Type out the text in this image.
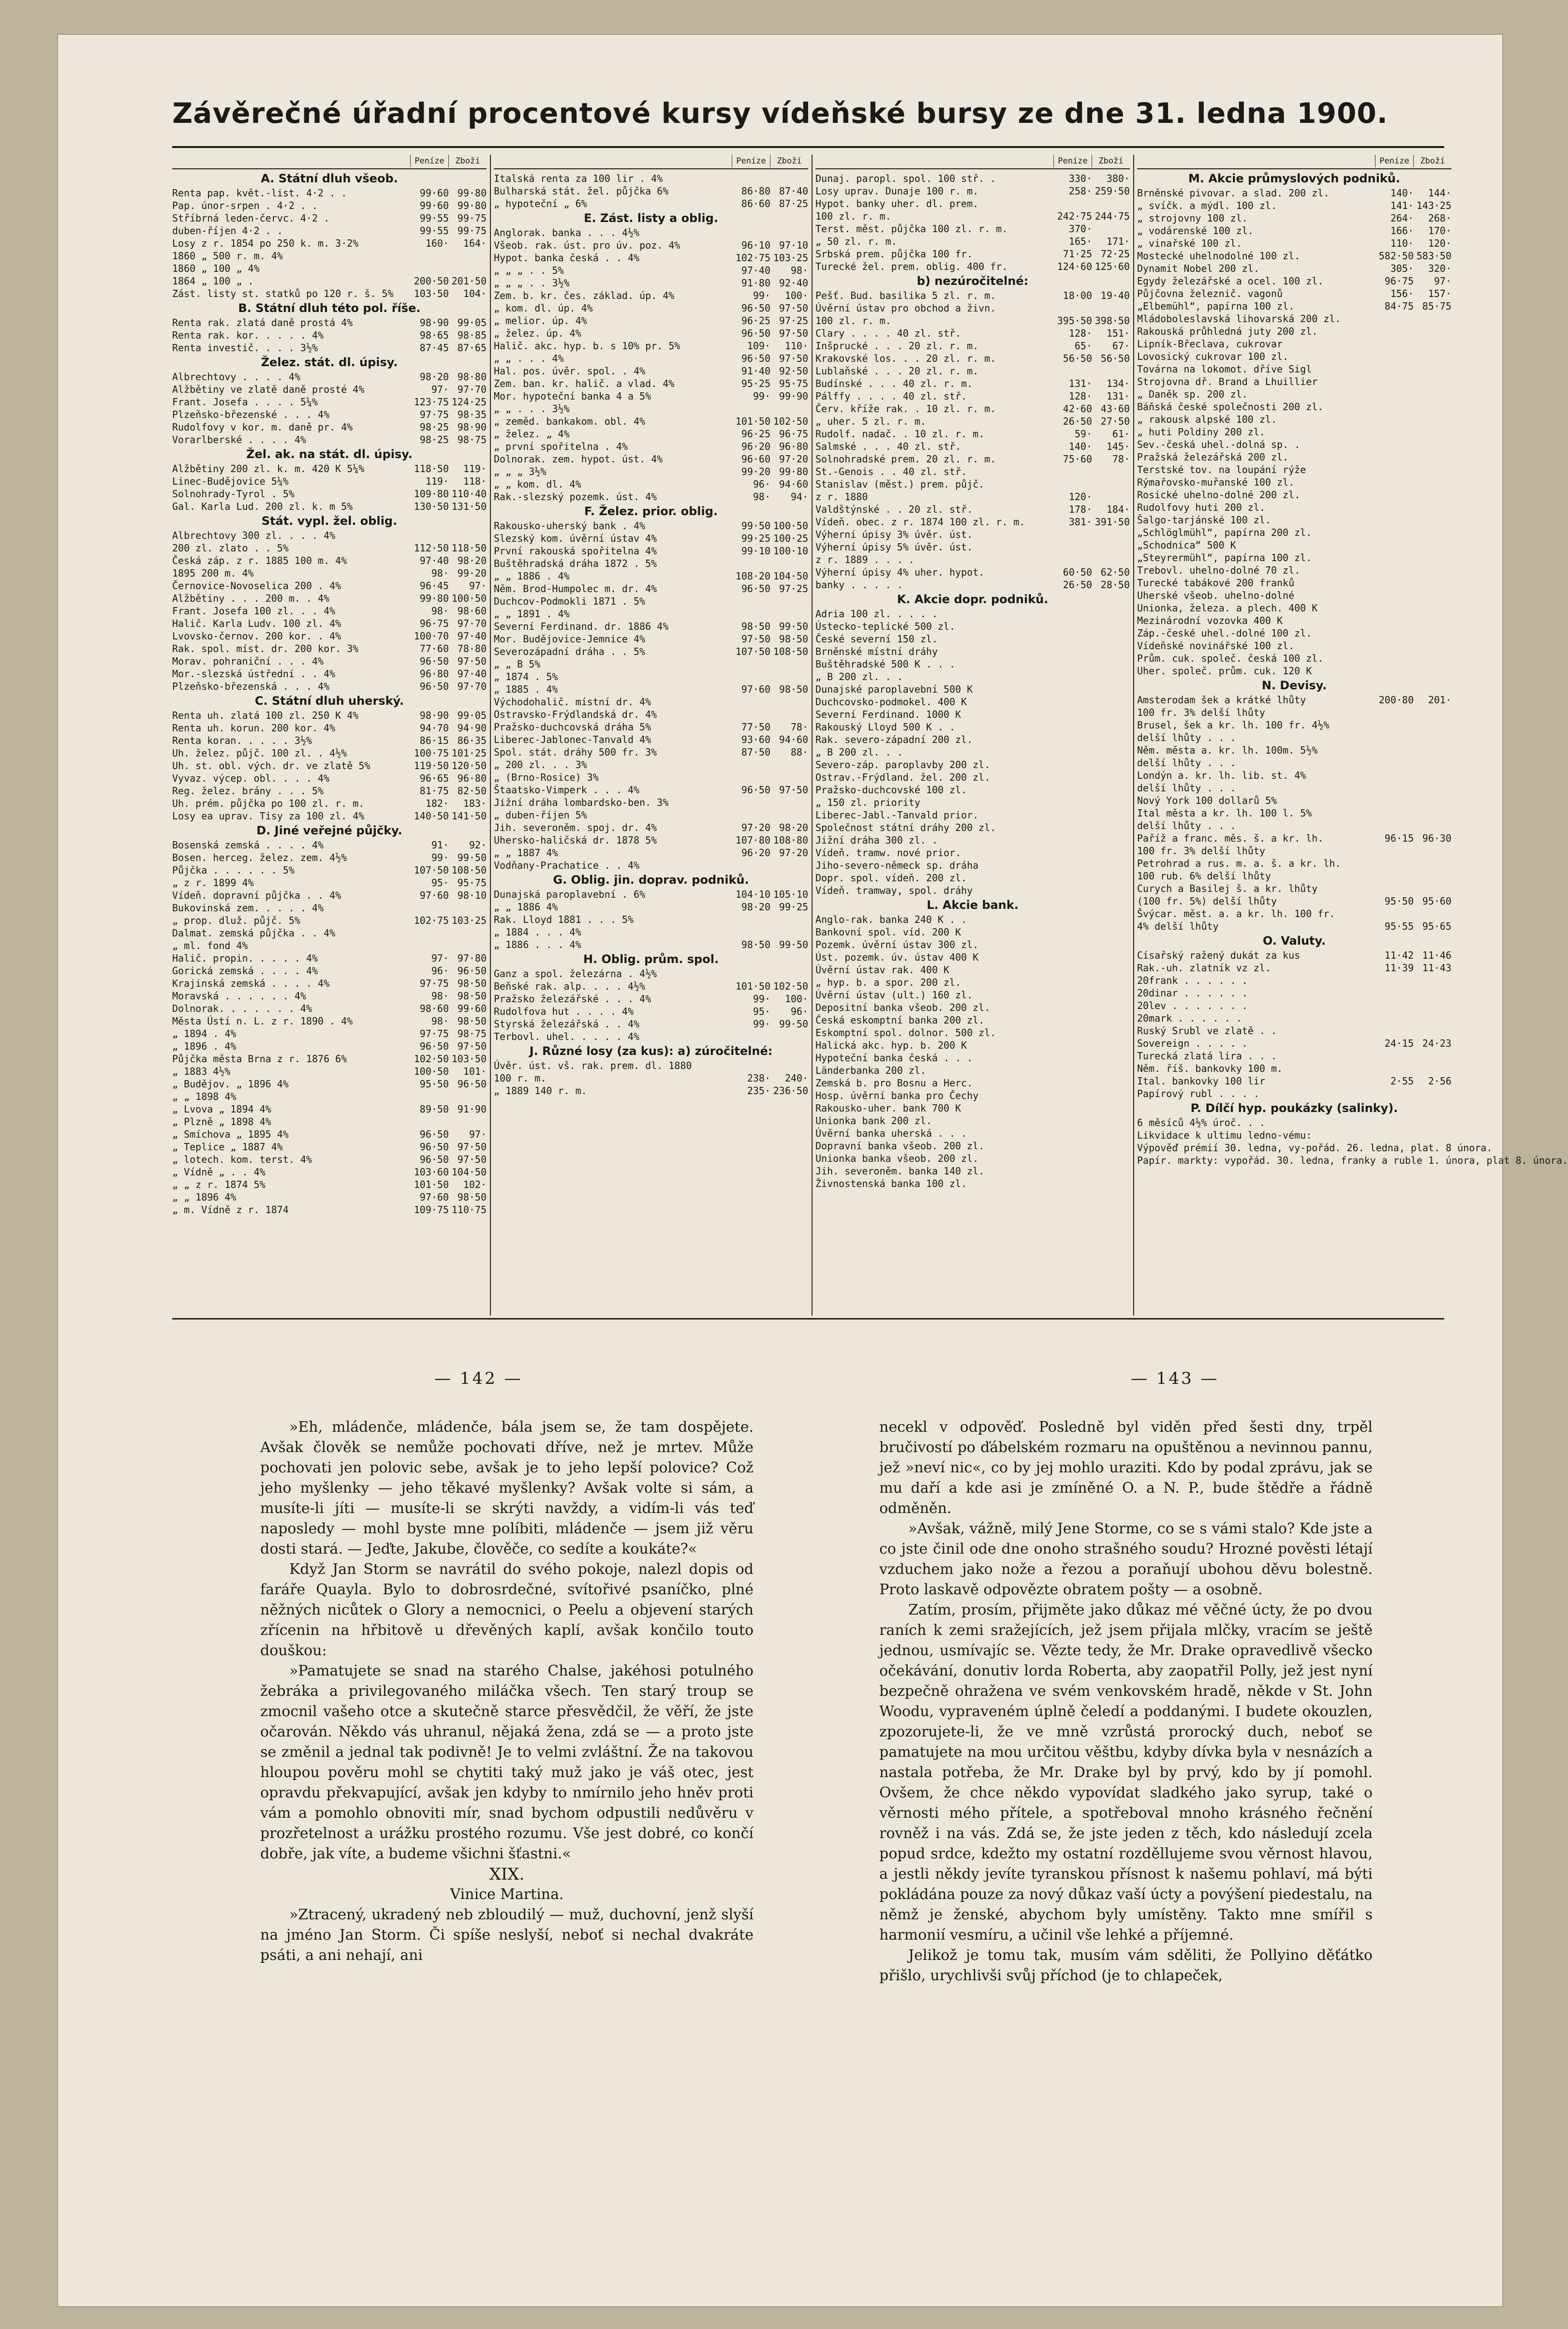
Závěrečné úřadní procentové kursy vídeňské bursy ze dne 31. ledna 1900.
Peníze	Zboží
A. Státní dluh všeob.
Renta pap. květ.-list. 4·2 . .	99·60 99·80
Pap. únor-srpen . 4·2 . .	99·60 99·80
Stříbrná leden-červc. 4·2 .	99·55 99·75
duben-říjen 4·2 . .	99·55 99·75
Losy z r. 1854 po 250 k. m. 3·2%	160·	164·
1860 „ 500 r. m. 4%
1860 „ 100 „ 4%
1864 „ 100 „ .	200·50 201·50
Zást. listy st. statků po 120 r. š. 5%	103·50	104·
B. Státní dluh této pol. říše.
Renta rak. zlatá daně prostá 4%	98·90 99·05
Renta rak. kor. . . . . 4%	98·65 98·85
Renta investič. . . . 3½%	87·45 87·65
Želez. stát. dl. úpisy.
Albrechtovy . . . . 4%	98·20 98·80
Alžbětiny ve zlatě daně prosté 4%	97· 97·70
Frant. Josefa . . . . 5¼%	123·75 124·25
Plzeňsko-březenské . . . 4%	97·75 98·35
Rudolfovy v kor. m. daně pr. 4%	98·25 98·90
Vorarlberské . . . . 4%	98·25 98·75
Žel. ak. na stát. dl. úpisy.
Alžbětiny 200 zl. k. m. 420 K 5¼%	118·50	119·
Linec-Budějovice 5¼%	119·	118·
Solnohrady-Tyrol . 5%	109·80 110·40
Gal. Karla Lud. 200 zl. k. m 5%	130·50 131·50
Stát. vypl. žel. oblig.
Albrechtovy 300 zl. . . . 4%
200 zl. zlato . . 5%	112·50 118·50
Česká záp. z r. 1885 100 m. 4%	97·40 98·20
1895 200 m. 4%	98· 99·20
Černovice-Novoselica 200 . 4%	96·45	97·
Alžbětiny . . . 200 m. . 4%	99·80 100·50
Frant. Josefa 100 zl. . . 4%	98· 98·60
Halič. Karla Ludv. 100 zl. 4%	96·75 97·70
Lvovsko-černov. 200 kor. . 4%	100·70 97·40
Rak. spol. míst. dr. 200 kor. 3%	77·60 78·80
Morav. pohraniční . . . 4%	96·50 97·50
Mor.-slezská ústřední . . 4%	96·80 97·40
Plzeňsko-březenská . . . 4%	96·50 97·70
C. Státní dluh uherský.
Renta uh. zlatá 100 zl. 250 K 4%	98·90 99·05
Renta uh. korun. 200 kor. 4%	94·70 94·90
Renta koran. . . . . 3½%	86·15 86·35
Uh. želez. půjč. 100 zl. . 4½%	100·75 101·25
Uh. st. obl. vých. dr. ve zlatě 5%	119·50 120·50
Vyvaz. výcep. obl. . . . 4%	96·65 96·80
Reg. želez. brány . . . 5%	81·75 82·50
Uh. prém. půjčka po 100 zl. r. m.	182·	183·
Losy ea uprav. Tisy za 100 zl. 4%	140·50 141·50
D. Jiné veřejné půjčky.
Bosenská zemská . . . . 4%	91·	92·
Bosen. herceg. želez. zem. 4½%	99· 99·50
Půjčka . . . . . . 5%	107·50 108·50
„ z r. 1899 4%	95· 95·75
Vídeň. dopravní půjčka . . 4%	97·60 98·10
Bukovinská zem. . . . . 4%
„ prop. dluž. půjč. 5%	102·75 103·25
Dalmat. zemská půjčka . . 4%
„ ml. fond 4%
Halič. propin. . . . . 4%	97· 97·80
Gorická zemská . . . . 4%	96· 96·50
Krajinská zemská . . . . 4%	97·75 98·50
Moravská . . . . . . 4%	98· 98·50
Dolnorak. . . . . . . 4%	98·60 99·60
Města Ústí n. L. z r. 1890 . 4%	98· 98·50
„ 1894 . 4%	97·75 98·75
„ 1896 . 4%	96·50 97·50
Půjčka města Brna z r. 1876 6%	102·50 103·50
„ 1883 4½%	100·50	101·
„ Budějov. „ 1896 4%	95·50 96·50
„ „ 1898 4%
„ Lvova „ 1894 4%	89·50 91·90
„ Plzně „ 1898 4%
„ Smíchova „ 1895 4%	96·50	97·
„ Teplice „ 1887 4%	96·50 97·50
„ lotech. kom. terst. 4%	96·50 97·50
„ Vídně „ . . 4%	103·60 104·50
„ „ z r. 1874 5%	101·50	102·
„ „ 1896 4%	97·60 98·50
„ m. Vídně z r. 1874	109·75 110·75
Peníze	Zboží
Italská renta za 100 lir . 4%
Bulharská stát. žel. půjčka 6%	86·80 87·40
„ hypoteční „ 6%	86·60 87·25
E. Zást. listy a oblig.
Anglorak. banka . . . 4½%
Všeob. rak. úst. pro úv. poz. 4%	96·10 97·10
Hypot. banka česká . . 4%	102·75 103·25
„ „ „ . . 5%	97·40	98·
„ „ „ . . 3½%	91·80 92·40
Zem. b. kr. čes. základ. úp. 4%	99·	100·
„ kom. dl. úp. 4%	96·50 97·50
„ melior. úp. 4%	96·25 97·25
„ želez. úp. 4%	96·50 97·50
Halič. akc. hyp. b. s 10% pr. 5%	109·	110·
„ „ . . . 4%	96·50 97·50
Hal. pos. úvěr. spol. . 4%	91·40 92·50
Zem. ban. kr. halič. a vlad. 4%	95·25 95·75
Mor. hypoteční banka 4 a 5%	99· 99·90
„ „ . . . 3½%
„ zeměd. bankakom. obl. 4%	101·50 102·50
„ želez. „ 4%	96·25 96·75
„ první spořitelna . 4%	96·20 96·80
Dolnorak. zem. hypot. úst. 4%	96·60 97·20
„ „ „ 3½%	99·20 99·80
„ „ kom. dl. 4%	96· 94·60
Rak.-slezský pozemk. úst. 4%	98·	94·
F. Želez. prior. oblig.
Rakousko-uherský bank . 4%	99·50 100·50
Slezský kom. úvěrní ústav 4%	99·25 100·25
První rakouská spořitelna 4%	99·10 100·10
Buštěhradská dráha 1872 . 5%
„ „ 1886 . 4%	108·20 104·50
Něm. Brod-Humpolec m. dr. 4%	96·50 97·25
Duchcov-Podmokli 1871 . 5%
„ „ 1891 . 4%
Severní Ferdinand. dr. 1886 4%	98·50 99·50
Mor. Budějovice-Jemnice 4%	97·50 98·50
Severozápadní dráha . . 5%	107·50 108·50
„ „ B 5%
„ 1874 . 5%
„ 1885 . 4%	97·60 98·50
Východohalič. místní dr. 4%
Ostravsko-Frýdlandská dr. 4%
Pražsko-duchcovská dráha 5%	77·50	78·
Liberec-Jablonec-Tanvald 4%	93·60 94·60
Spol. stát. dráhy 500 fr. 3%	87·50	88·
„ 200 zl. . . 3%
„ (Brno-Rosice) 3%
Štaatsko-Vimperk . . . 4%	96·50 97·50
Jižní dráha lombardsko-ben. 3%
„ duben-říjen 5%
Jih. severoněm. spoj. dr. 4%	97·20 98·20
Uhersko-haličská dr. 1878 5%	107·80 108·80
„ „ 1887 4%	96·20 97·20
Vodňany-Prachatice . . 4%
G. Oblig. jin. doprav. podniků.
Dunajská paroplavební . 6%	104·10 105·10
„ „ 1886 4%	98·20 99·25
Rak. Lloyd 1881 . . . 5%
„ 1884 . . . 4%
„ 1886 . . . 4%	98·50 99·50
H. Oblig. prům. spol.
Ganz a spol. železárna . 4½%
Beňské rak. alp. . . . 4½%	101·50 102·50
Pražsko železářské . . . 4%	99·	100·
Rudolfova hut . . . . 4%	95·	96·
Styrská železářská . . 4%	99· 99·50
Terbovl. uhel. . . . . 4%
J. Různé losy (za kus): a) zúročitelné:
Úvěr. úst. vš. rak. prem. dl. 1880
100 r. m.	238·	240·
„ 1889 140 r. m.	235· 236·50
Peníze	Zboží
Dunaj. paropl. spol. 100 stř. .	330·	380·
Losy uprav. Dunaje 100 r. m.	258· 259·50
Hypot. banky uher. dl. prem.
100 zl. r. m.	242·75 244·75
Terst. měst. půjčka 100 zl. r. m.	370·
„ 50 zl. r. m.	165·	171·
Srbská prem. půjčka 100 fr.	71·25 72·25
Turecké žel. prem. oblig. 400 fr.	124·60 125·60
b) nezúročitelné:
Pešť. Bud. basilika 5 zl. r. m.	18·00 19·40
Úvěrní ústav pro obchod a živn.
100 zl. r. m.	395·50 398·50
Clary . . . . 40 zl. stř.	128·	151·
Inšprucké . . . 20 zl. r. m.	65·	67·
Krakovské los. . . 20 zl. r. m.	56·50 56·50
Lublaňské . . . 20 zl. r. m.
Budínské . . . 40 zl. r. m.	131·	134·
Pálffy . . . . 40 zl. stř.	128·	131·
Červ. kříže rak. . 10 zl. r. m.	42·60 43·60
„ uher. 5 zl. r. m.	26·50 27·50
Rudolf. nadač. . 10 zl. r. m.	59·	61·
Salmské . . . 40 zl. stř.	140·	145·
Solnohradské prem. 20 zl. r. m.	75·60	78·
St.-Genois . . 40 zl. stř.
Stanislav (měst.) prem. půjč.
z r. 1880	120·
Valdštýnské . . 20 zl. stř.	178·	184·
Vídeň. obec. z r. 1874 100 zl. r. m.	381· 391·50
Výherní úpisy 3% úvěr. úst.
Výherní úpisy 5% úvěr. úst.
z r. 1889 . . . .
Výherní úpisy 4% uher. hypot.	60·50 62·50
banky . . . . .	26·50 28·50
K. Akcie dopr. podniků.
Adria 100 zl. . . . .
Ústecko-teplické 500 zl.
České severní 150 zl.
Brněnské místní dráhy
Buštěhradské 500 K . . .
„ B 200 zl. . .
Dunajské paroplavební 500 K
Duchcovsko-podmokel. 400 K
Severní Ferdinand. 1000 K
Rakouský Lloyd 500 K . .
Rak. severo-západní 200 zl.
„ B 200 zl. . .
Severo-záp. paroplavby 200 zl.
Ostrav.-Frýdland. žel. 200 zl.
Pražsko-duchcovské 100 zl.
„ 150 zl. priority
Liberec-Jabl.-Tanvald prior.
Společnost státní dráhy 200 zl.
Jižní dráha 300 zl. .
Vídeň. tramw. nové prior.
Jiho-severo-německ sp. dráha
Dopr. spol. vídeň. 200 zl.
Vídeň. tramway, spol. dráhy
L. Akcie bank.
Anglo-rak. banka 240 K . .
Bankovní spol. víd. 200 K
Pozemk. úvěrní ústav 300 zl.
Úst. pozemk. úv. ústav 400 K
Úvěrní ústav rak. 400 K
„ hyp. b. a spor. 200 zl.
Úvěrní ústav (ult.) 160 zl.
Depositní banka všeob. 200 zl.
Česká eskomptní banka 200 zl.
Eskomptní spol. dolnor. 500 zl.
Halická akc. hyp. b. 200 K
Hypoteční banka česká . . .
Länderbanka 200 zl.
Zemská b. pro Bosnu a Herc.
Hosp. úvěrní banka pro Čechy
Rakousko-uher. bank 700 K
Unionka bank 200 zl.
Úvěrní banka uherská . . .
Dopravní banka všeob. 200 zl.
Unionka banka všeob. 200 zl.
Jih. severoněm. banka 140 zl.
Živnostenská banka 100 zl.
Peníze	Zboží
M. Akcie průmyslových podniků.
Brněnské pivovar. a slad. 200 zl.	140·	144·
„ svíčk. a mýdl. 100 zl.	141· 143·25
„ strojovny 100 zl.	264·	268·
„ vodárenské 100 zl.	166·	170·
„ vinařské 100 zl.	110·	120·
Mostecké uhelnodolné 100 zl.	582·50 583·50
Dynamit Nobel 200 zl.	305·	320·
Egydy železářské a ocel. 100 zl.	96·75	97·
Půjčovna železnič. vagonů	156·	157·
„Elbemühl“, papírna 100 zl.	84·75 85·75
Mládoboleslavská lihovarská 200 zl.
Rakouská průhledná juty 200 zl.
Lipník-Břeclava, cukrovar
Lovosický cukrovar 100 zl.
Továrna na lokomot. dříve Sigl
Strojovna dř. Brand a Lhuillier
„ Daněk sp. 200 zl.
Báňská české společnosti 200 zl.
„ rakousk alpské 100 zl.
„ huti Poldiny 200 zl.
Sev.-česká uhel.-dolná sp. .
Pražská železářská 200 zl.
Terstské tov. na loupání rýže
Rýmařovsko-muřanské 100 zl.
Rosické uhelno-dolné 200 zl.
Rudolfovy huti 200 zl.
Šalgo-tarjánské 100 zl.
„Schlöglmühl“, papírna 200 zl.
„Schodnica“ 500 K
„Steyrermühl“, papírna 100 zl.
Trebovl. uhelno-dolné 70 zl.
Turecké tabákové 200 franků
Uherské všeob. uhelno-dolné
Unionka, železa. a plech. 400 K
Mezinárodní vozovka 400 K
Záp.-české uhel.-dolné 100 zl.
Vídeňské novinářské 100 zl.
Prům. cuk. společ. česká 100 zl.
Uher. společ. prům. cuk. 120 K
N. Devisy.
Amsterodam šek a krátké lhůty	200·80	201·
100 fr. 3% delší lhůty
Brusel, šek a kr. lh. 100 fr. 4½%
delší lhůty . . .
Něm. města a. kr. lh. 100m. 5½%
delší lhůty . . .
Londýn a. kr. lh. lib. st. 4%
delší lhůty . . .
Nový York 100 dollarů 5%
Ital města a kr. lh. 100 l. 5%
delší lhůty . . .
Paříž a franc. měs. š. a kr. lh.	96·15 96·30
100 fr. 3% delší lhůty
Petrohrad a rus. m. a. š. a kr. lh.
100 rub. 6% delší lhůty
Curych a Basilej š. a kr. lhůty
(100 fr. 5%) delší lhůty	95·50 95·60
Švýcar. měst. a. a kr. lh. 100 fr.
4% delší lhůty	95·55 95·65
O. Valuty.
Císařský ražený dukát za kus	11·42 11·46
Rak.-uh. zlatník vz zl.	11·39 11·43
20frank . . . . . .
20dinar . . . . . .
20lev . . . . . . .
20mark . . . . . .
Ruský Srubl ve zlatě . .
Sovereign . . . . .	24·15 24·23
Turecká zlatá lira . . .
Něm. říš. bankovky 100 m.
Ital. bankovky 100 lir	2·55	2·56
Papírový rubl . . . .
P. Dílčí hyp. poukázky (salinky).
6 měsíců 4½% úroč. . .
Likvidace k ultimu ledno-vému:
Výpověď prémií 30. ledna, vy-pořád. 26. ledna, plat. 8 února.
Papír. markty: vypořád. 30. ledna, franky a ruble 1. února, plat 8. února.
— 142 —	— 143 —

»Eh, mládenče, mládenče, bála jsem se, že tam dospějete. Avšak člověk se nemůže pochovati dříve, než je mrtev. Může pochovati jen polovic sebe, avšak je to jeho lepší polovice? Což jeho myšlenky — jeho těkavé myšlenky? Avšak volte si sám, a musíte-li jíti — musíte-li se skrýti navždy, a vidím-li vás teď naposledy — mohl byste mne políbiti, mládenče — jsem již věru dosti stará. — Jeďte, Jakube, člověče, co sedíte a koukáte?«

Když Jan Storm se navrátil do svého pokoje, nalezl dopis od faráře Quayla. Bylo to dobrosrdečné, svítořivé psaníčko, plné něžných nicůtek o Glory a nemocnici, o Peelu a objevení starých zřícenin na hřbitově u dřevěných kaplí, avšak končilo touto douškou:

»Pamatujete se snad na starého Chalse, jakéhosi potulného žebráka a privilegovaného miláčka všech. Ten starý troup se zmocnil vašeho otce a skutečně starce přesvědčil, že věří, že jste očarován. Někdo vás uhranul, nějaká žena, zdá se — a proto jste se změnil a jednal tak podivně! Je to velmi zvláštní. Že na takovou hloupou pověru mohl se chytiti taký muž jako je váš otec, jest opravdu překvapující, avšak jen kdyby to nmírnilo jeho hněv proti vám a pomohlo obnoviti mír, snad bychom odpustili nedůvěru v prozřetelnost a urážku prostého rozumu. Vše jest dobré, co končí dobře, jak víte, a budeme všichni šťastni.«

XIX.

Vinice Martina.

»Ztracený, ukradený neb zbloudilý — muž, duchovní, jenž slyší na jméno Jan Storm. Či spíše neslyší, neboť si nechal dvakráte psáti, a ani nehají, ani

necekl v odpověď. Posledně byl viděn před šesti dny, trpěl bručivostí po ďábelském rozmaru na opuštěnou a nevinnou pannu, jež »neví nic«, co by jej mohlo uraziti. Kdo by podal zprávu, jak se mu daří a kde asi je zmíněné O. a N. P., bude štědře a řádně odměněn.

»Avšak, vážně, milý Jene Storme, co se s vámi stalo? Kde jste a co jste činil ode dne onoho strašného soudu? Hrozné pověsti létají vzduchem jako nože a řezou a poraňují ubohou děvu bolestně. Proto laskavě odpovězte obratem pošty — a osobně.

Zatím, prosím, přijměte jako důkaz mé věčné úcty, že po dvou raních k zemi sražejících, jež jsem přijala mlčky, vracím se ještě jednou, usmívajíc se. Vězte tedy, že Mr. Drake opravedlivě všecko očekávání, donutiv lorda Roberta, aby zaopatřil Polly, jež jest nyní bezpečně ohražena ve svém venkovském hradě, někde v St. John Woodu, vypraveném úplně čeledí a poddanými. I budete okouzlen, zpozorujete-li, že ve mně vzrůstá prorocký duch, neboť se pamatujete na mou určitou věštbu, kdyby dívka byla v nesnázích a nastala potřeba, že Mr. Drake byl by prvý, kdo by jí pomohl. Ovšem, že chce někdo vypovídat sladkého jako syrup, také o věrnosti mého přítele, a spotřeboval mnoho krásného řečnění rovněž i na vás. Zdá se, že jste jeden z těch, kdo následují zcela popud srdce, kdežto my ostatní rozděllujeme svou věrnost hlavou, a jestli někdy jevíte tyranskou přísnost k našemu pohlaví, má býti pokládána pouze za nový důkaz vaší úcty a povýšení piedestalu, na němž je ženské, abychom byly umístěny. Takto mne smířil s harmonií vesmíru, a učinil vše lehké a příjemné.

Jelikož je tomu tak, musím vám sděliti, že Pollyino děťátko přišlo, urychlivši svůj příchod (je to chlapeček,
